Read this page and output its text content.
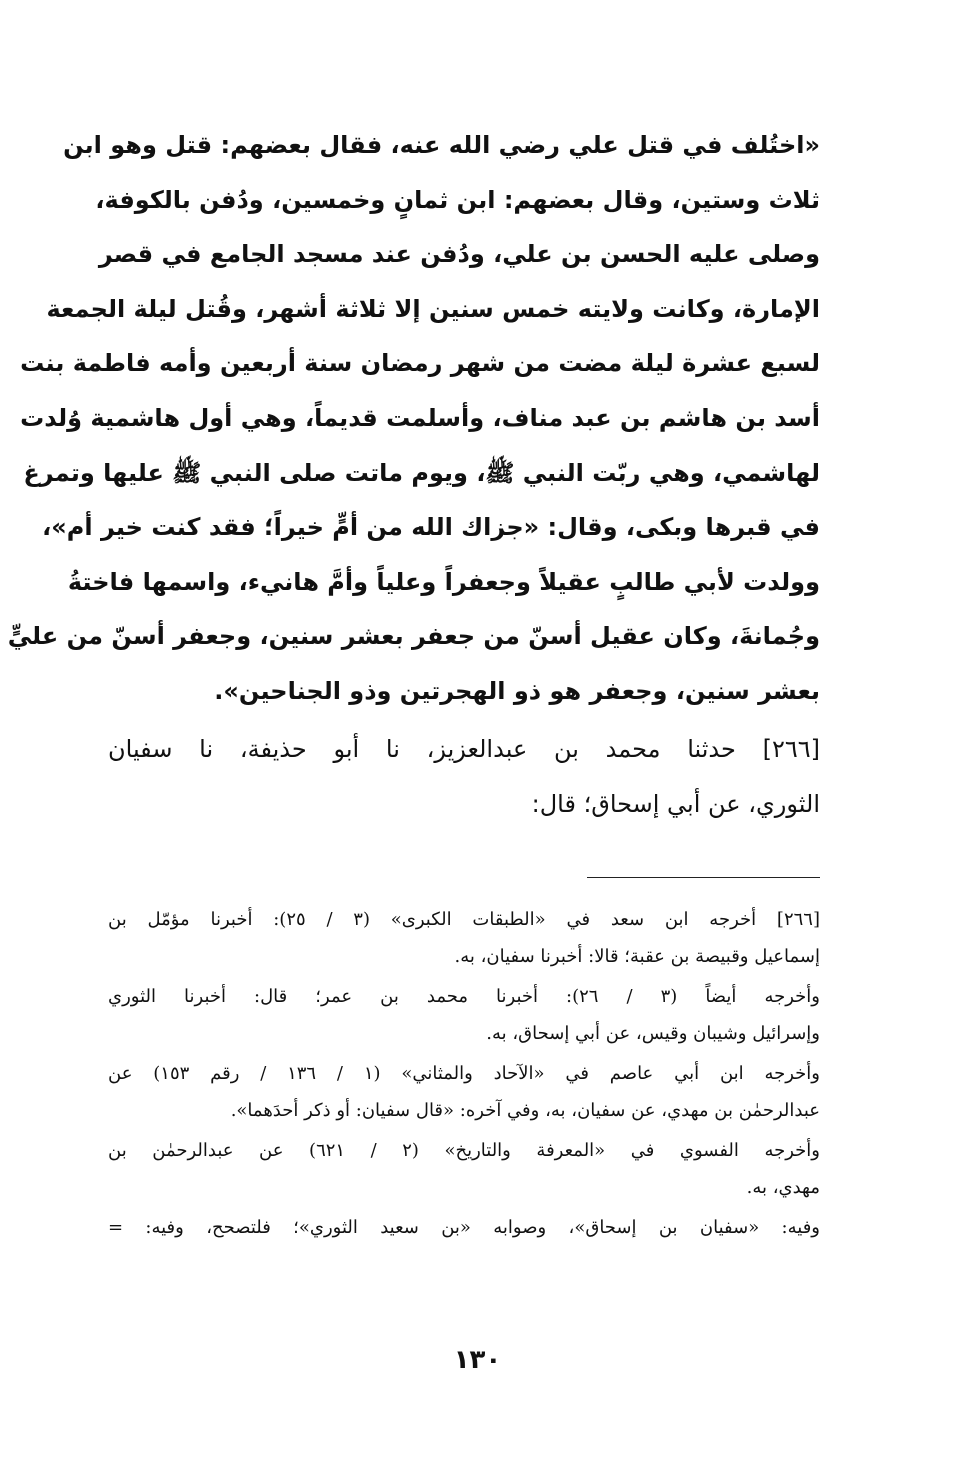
«اختُلف في قتل علي رضي الله عنه، فقال بعضهم: قتل وهو ابن
ثلاث وستين، وقال بعضهم: ابن ثمانٍ وخمسين، ودُفن بالكوفة،
وصلى عليه الحسن بن علي، ودُفن عند مسجد الجامع في قصر
الإمارة، وكانت ولايته خمس سنين إلا ثلاثة أشهر، وقُتل ليلة الجمعة
لسبع عشرة ليلة مضت من شهر رمضان سنة أربعين وأمه فاطمة بنت
أسد بن هاشم بن عبد مناف، وأسلمت قديماً، وهي أول هاشمية وُلدت
لهاشمي، وهي ربّت النبي ﷺ، ويوم ماتت صلى النبي ﷺ عليها وتمرغ
في قبرها وبكى، وقال: «جزاك الله من أمٍّ خيراً؛ فقد كنت خير أم»،
وولدت لأبي طالبٍ عقيلاً وجعفراً وعلياً وأمَّ هانيء، واسمها فاختةُ
وجُمانةَ، وكان عقيل أسنّ من جعفر بعشر سنين، وجعفر أسنّ من عليٍّ
بعشر سنين، وجعفر هو ذو الهجرتين وذو الجناحين».
[٢٦٦] حدثنا محمد بن عبدالعزيز، نا أبو حذيفة، نا سفيان
الثوري، عن أبي إسحاق؛ قال:
[٢٦٦] أخرجه ابن سعد في «الطبقات الكبرى» (٣ / ٢٥): أخبرنا مؤمّل بن
إسماعيل وقبيصة بن عقبة؛ قالا: أخبرنا سفيان، به.
وأخرجه أيضاً (٣ / ٢٦): أخبرنا محمد بن عمر؛ قال: أخبرنا الثوري
وإسرائيل وشيبان وقيس، عن أبي إسحاق، به.
وأخرجه ابن أبي عاصم في «الآحاد والمثاني» (١ / ١٣٦ / رقم ١٥٣) عن
عبدالرحمٰن بن مهدي، عن سفيان، به، وفي آخره: «قال سفيان: أو ذكر أحدَهما».
وأخرجه الفسوي في «المعرفة والتاريخ» (٢ / ٦٢١) عن عبدالرحمٰن بن
مهدي، به.
وفيه: «سفيان بن إسحاق»، وصوابه «بن سعيد الثوري»؛ فلتصحح، وفيه: =
١٣٠
